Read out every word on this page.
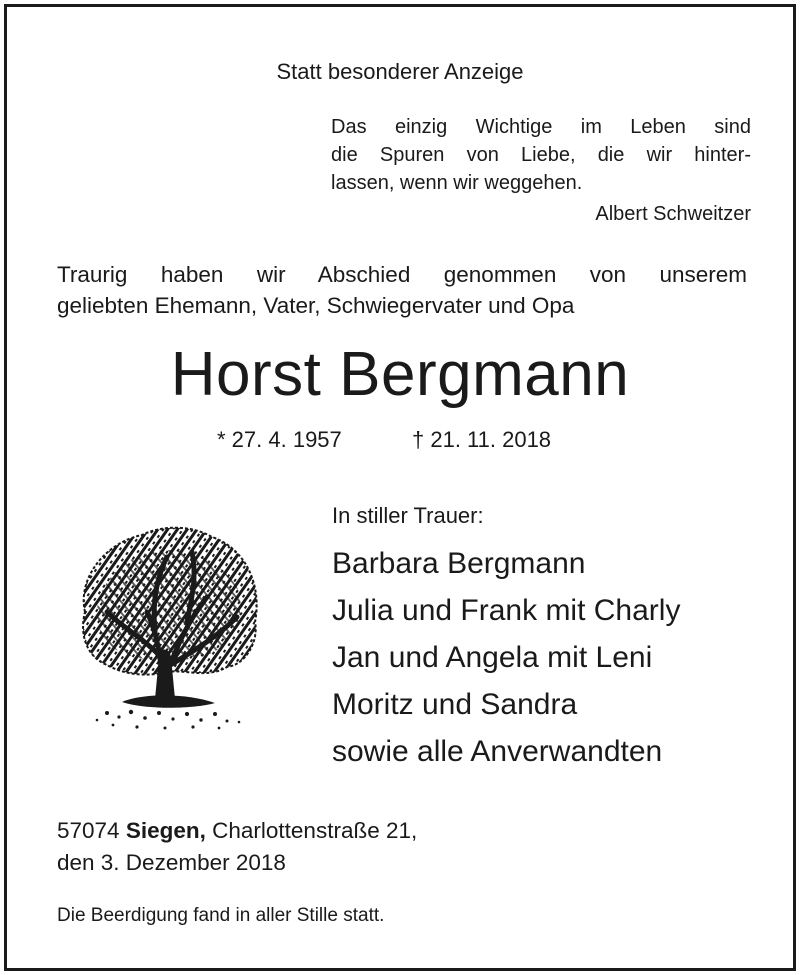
Statt besonderer Anzeige
Das einzig Wichtige im Leben sind
die Spuren von Liebe, die wir hinter-
lassen, wenn wir weggehen.
Albert Schweitzer
Traurig haben wir Abschied genommen von unserem
geliebten Ehemann, Vater, Schwiegervater und Opa
Horst Bergmann
* 27. 4. 1957	† 21. 11. 2018
In stiller Trauer:
Barbara Bergmann
Julia und Frank mit Charly
Jan und Angela mit Leni
Moritz und Sandra
sowie alle Anverwandten
57074 Siegen, Charlottenstraße 21,
den 3. Dezember 2018
Die Beerdigung fand in aller Stille statt.
